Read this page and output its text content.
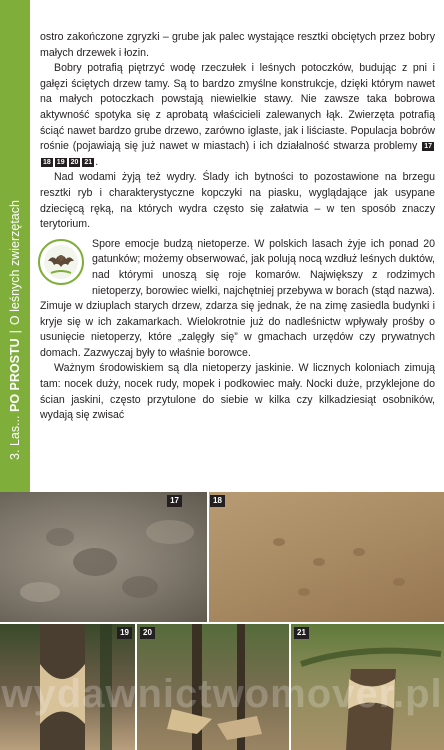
3. Las... PO PROSTU|O leśnych zwierzętach

ostro zakończone zgryzki – grube jak palec wystające resztki obciętych przez bobry małych drzewek i łozin.

Bobry potrafią piętrzyć wodę rzeczułek i leśnych potoczków, budując z pni i gałęzi ściętych drzew tamy. Są to bardzo zmyślne konstrukcje, dzięki którym nawet na małych potoczkach powstają niewielkie stawy. Nie zawsze taka bobrowa aktywność spotyka się z aprobatą właścicieli zalewanych łąk. Zwierzęta potrafią ściąć nawet bardzo grube drzewo, zarówno iglaste, jak i liściaste. Populacja bobrów rośnie (pojawiają się już nawet w miastach) i ich działalność stwarza problemy 1718 19 20 21 .

Nad wodami żyją też wydry. Ślady ich bytności to pozostawione na brzegu resztki ryb i charakterystyczne kopczyki na piasku, wyglądające jak usypane dziecięcą ręką, na których wydra często się załatwia – w ten sposób znaczy terytorium.

Spore emocje budzą nietoperze. W polskich lasach żyje ich ponad 20 gatunków; możemy obserwować, jak polują nocą wzdłuż leśnych duktów, nad którymi unoszą się roje komarów. Największy z rodzimych nietoperzy, borowiec wielki, najchętniej przebywa w borach (stąd nazwa). Zimuje w dziuplach starych drzew, zdarza się jednak, że na zimę zasiedla budynki i kryje się w ich zakamarkach. Wielokrotnie już do nadleśnictw wpływały prośby o usunięcie nietoperzy, które „zalęgły się” w gmachach urzędów czy prywatnych domach. Zazwyczaj były to właśnie borowce.

Ważnym środowiskiem są dla nietoperzy jaskinie. W licznych koloniach zimują tam: nocek duży, nocek rudy, mopek i podkowiec mały. Nocki duże, przyklejone do ścian jaskini, często przytulone do siebie w kilka czy kilkadziesiąt osobników, wydają się zwisać

17	18
19	20	21
wydawnictwomover.pl
